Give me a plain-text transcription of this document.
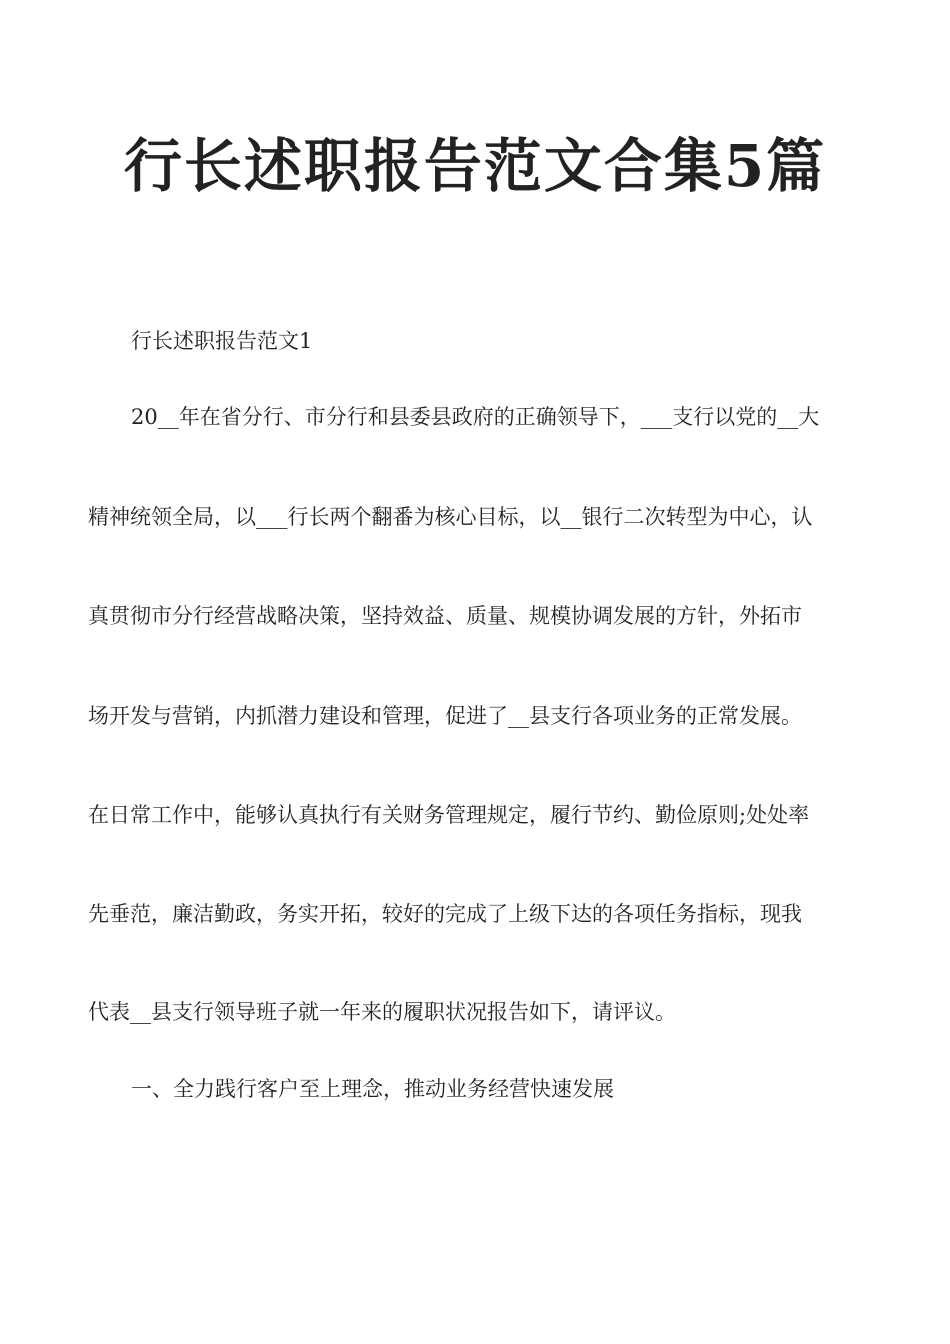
行长述职报告范文合集5篇
行长述职报告范文1
20__年在省分行、市分行和县委县政府的正确领导下，___支行以党的__大
精神统领全局，以___行长两个翻番为核心目标，以__银行二次转型为中心，认
真贯彻市分行经营战略决策，坚持效益、质量、规模协调发展的方针，外拓市
场开发与营销，内抓潜力建设和管理，促进了__县支行各项业务的正常发展。
在日常工作中，能够认真执行有关财务管理规定，履行节约、勤俭原则;处处率
先垂范，廉洁勤政，务实开拓，较好的完成了上级下达的各项任务指标，现我
代表__县支行领导班子就一年来的履职状况报告如下，请评议。
一、全力践行客户至上理念，推动业务经营快速发展
